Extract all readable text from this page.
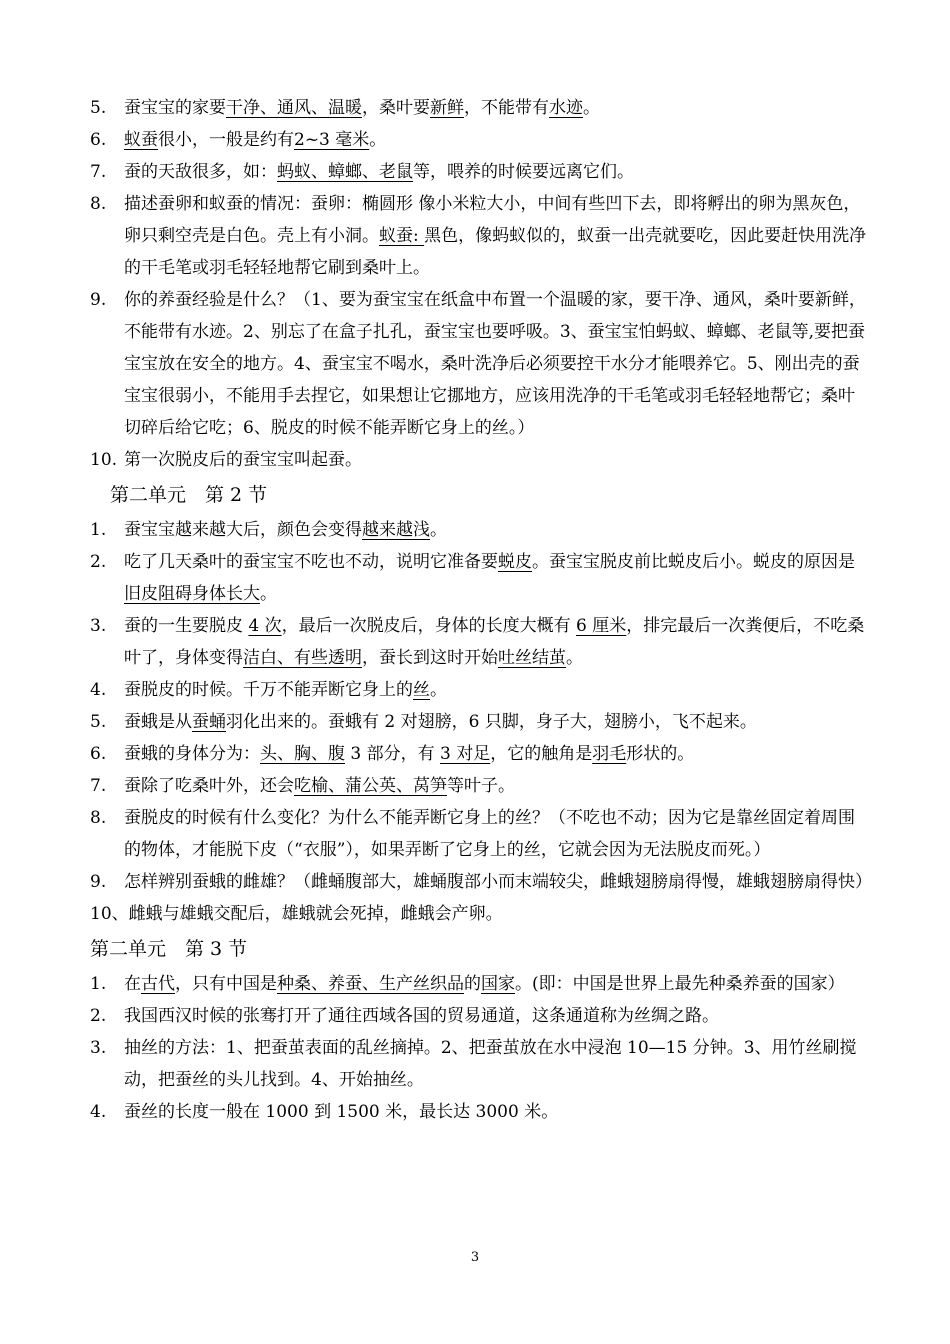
5.	蚕宝宝的家要干净、通风、温暖，桑叶要新鲜，不能带有水迹。
6.	蚁蚕很小，一般是约有2~3 毫米。
7.	蚕的天敌很多，如：蚂蚁、蟑螂、老鼠等，喂养的时候要远离它们。
8.	描述蚕卵和蚁蚕的情况：蚕卵：椭圆形 像小米粒大小，中间有些凹下去，即将孵出的卵为黑灰色，卵只剩空壳是白色。壳上有小洞。蚁蚕: 黑色，像蚂蚁似的，蚁蚕一出壳就要吃，因此要赶快用洗净的干毛笔或羽毛轻轻地帮它刷到桑叶上。
9.	你的养蚕经验是什么？（1、要为蚕宝宝在纸盒中布置一个温暖的家，要干净、通风，桑叶要新鲜，不能带有水迹。2、别忘了在盒子扎孔，蚕宝宝也要呼吸。3、蚕宝宝怕蚂蚁、蟑螂、老鼠等,要把蚕宝宝放在安全的地方。4、蚕宝宝不喝水，桑叶洗净后必须要控干水分才能喂养它。5、刚出壳的蚕宝宝很弱小，不能用手去捏它，如果想让它挪地方，应该用洗净的干毛笔或羽毛轻轻地帮它；桑叶切碎后给它吃；6、脱皮的时候不能弄断它身上的丝。）
10. 第一次脱皮后的蚕宝宝叫起蚕。
第二单元　第 2 节
1.	蚕宝宝越来越大后，颜色会变得越来越浅。
2.	吃了几天桑叶的蚕宝宝不吃也不动，说明它准备要蜕皮。蚕宝宝脱皮前比蜕皮后小。蜕皮的原因是旧皮阻碍身体长大。
3.	蚕的一生要脱皮 4 次，最后一次脱皮后，身体的长度大概有 6 厘米，排完最后一次粪便后，不吃桑叶了，身体变得洁白、有些透明，蚕长到这时开始吐丝结茧。
4.	蚕脱皮的时候。千万不能弄断它身上的丝。
5.	蚕蛾是从蚕蛹羽化出来的。蚕蛾有 2 对翅膀，6 只脚，身子大，翅膀小，飞不起来。
6.	蚕蛾的身体分为：头、胸、腹 3 部分，有 3 对足，它的触角是羽毛形状的。
7.	蚕除了吃桑叶外，还会吃榆、蒲公英、莴笋等叶子。
8.	蚕脱皮的时候有什么变化？为什么不能弄断它身上的丝？（不吃也不动；因为它是靠丝固定着周围的物体，才能脱下皮（“衣服”），如果弄断了它身上的丝，它就会因为无法脱皮而死。）
9.	怎样辨别蚕蛾的雌雄？（雌蛹腹部大，雄蛹腹部小而末端较尖，雌蛾翅膀扇得慢，雄蛾翅膀扇得快）
10、雌蛾与雄蛾交配后，雄蛾就会死掉，雌蛾会产卵。
第二单元　第 3 节
1.	在古代，只有中国是种桑、养蚕、生产丝织品的国家。(即：中国是世界上最先种桑养蚕的国家）
2.	我国西汉时候的张骞打开了通往西域各国的贸易通道，这条通道称为丝绸之路。
3.	抽丝的方法：1、把蚕茧表面的乱丝摘掉。2、把蚕茧放在水中浸泡 10—15 分钟。3、用竹丝刷搅动，把蚕丝的头儿找到。4、开始抽丝。
4.	蚕丝的长度一般在 1000 到 1500 米，最长达 3000 米。
3
